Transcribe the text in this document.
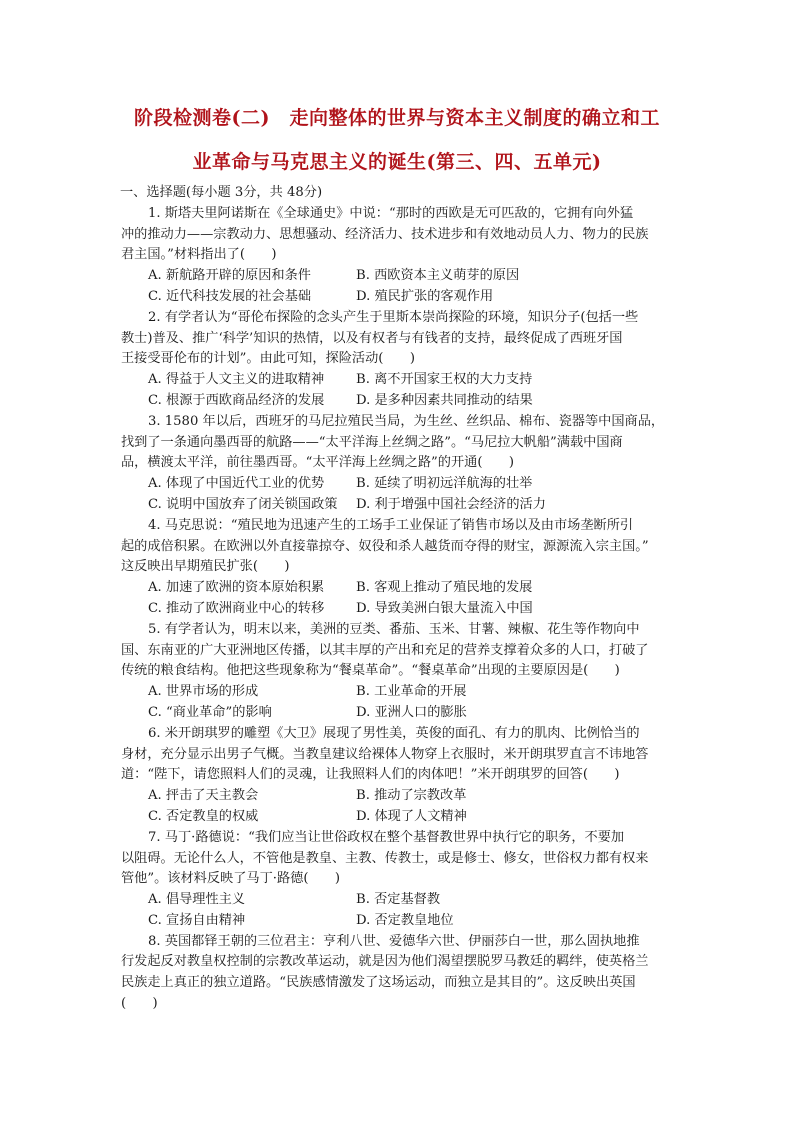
阶段检测卷(二)　走向整体的世界与资本主义制度的确立和工
业革命与马克思主义的诞生(第三、四、五单元)
一、选择题(每小题 3分，共 48分)
1. 斯塔夫里阿诺斯在《全球通史》中说：“那时的西欧是无可匹敌的，它拥有向外猛
冲的推动力——宗教动力、思想骚动、经济活力、技术进步和有效地动员人力、物力的民族
君主国。”材料指出了(　　)
A. 新航路开辟的原因和条件	B. 西欧资本主义萌芽的原因
C. 近代科技发展的社会基础	D. 殖民扩张的客观作用
2. 有学者认为“哥伦布探险的念头产生于里斯本崇尚探险的环境，知识分子(包括一些
教士)普及、推广‘科学’知识的热情，以及有权者与有钱者的支持，最终促成了西班牙国
王接受哥伦布的计划”。由此可知，探险活动(　　)
A. 得益于人文主义的进取精神 B. 离不开国家王权的大力支持
C. 根源于西欧商品经济的发展 D. 是多种因素共同推动的结果
3. 1580 年以后，西班牙的马尼拉殖民当局，为生丝、丝织品、棉布、瓷器等中国商品，
找到了一条通向墨西哥的航路——“太平洋海上丝绸之路”。“马尼拉大帆船”满载中国商
品，横渡太平洋，前往墨西哥。“太平洋海上丝绸之路”的开通(　　)
A. 体现了中国近代工业的优势 B. 延续了明初远洋航海的壮举
C. 说明中国放弃了闭关锁国政策 D. 利于增强中国社会经济的活力
4. 马克思说：“殖民地为迅速产生的工场手工业保证了销售市场以及由市场垄断所引
起的成倍积累。在欧洲以外直接靠掠夺、奴役和杀人越货而夺得的财宝，源源流入宗主国。”
这反映出早期殖民扩张(　　)
A. 加速了欧洲的资本原始积累 B. 客观上推动了殖民地的发展
C. 推动了欧洲商业中心的转移 D. 导致美洲白银大量流入中国
5. 有学者认为，明末以来，美洲的豆类、番茄、玉米、甘薯、辣椒、花生等作物向中
国、东南亚的广大亚洲地区传播，以其丰厚的产出和充足的营养支撑着众多的人口，打破了
传统的粮食结构。他把这些现象称为“餐桌革命”。“餐桌革命”出现的主要原因是(　　)
A. 世界市场的形成	B. 工业革命的开展
C. “商业革命”的影响	D. 亚洲人口的膨胀
6. 米开朗琪罗的雕塑《大卫》展现了男性美，英俊的面孔、有力的肌肉、比例恰当的
身材，充分显示出男子气概。当教皇建议给裸体人物穿上衣服时，米开朗琪罗直言不讳地答
道：“陛下，请您照料人们的灵魂，让我照料人们的肉体吧！”米开朗琪罗的回答(　　)
A. 抨击了天主教会	B. 推动了宗教改革
C. 否定教皇的权威	D. 体现了人文精神
7. 马丁·路德说：“我们应当让世俗政权在整个基督教世界中执行它的职务，不要加
以阻碍。无论什么人，不管他是教皇、主教、传教士，或是修士、修女，世俗权力都有权来
管他”。该材料反映了马丁·路德(　　)
A. 倡导理性主义	B. 否定基督教
C. 宣扬自由精神	D. 否定教皇地位
8. 英国都铎王朝的三位君主：亨利八世、爱德华六世、伊丽莎白一世，那么固执地推
行发起反对教皇权控制的宗教改革运动，就是因为他们渴望摆脱罗马教廷的羁绊，使英格兰
民族走上真正的独立道路。“民族感情激发了这场运动，而独立是其目的”。这反映出英国
(　　)
